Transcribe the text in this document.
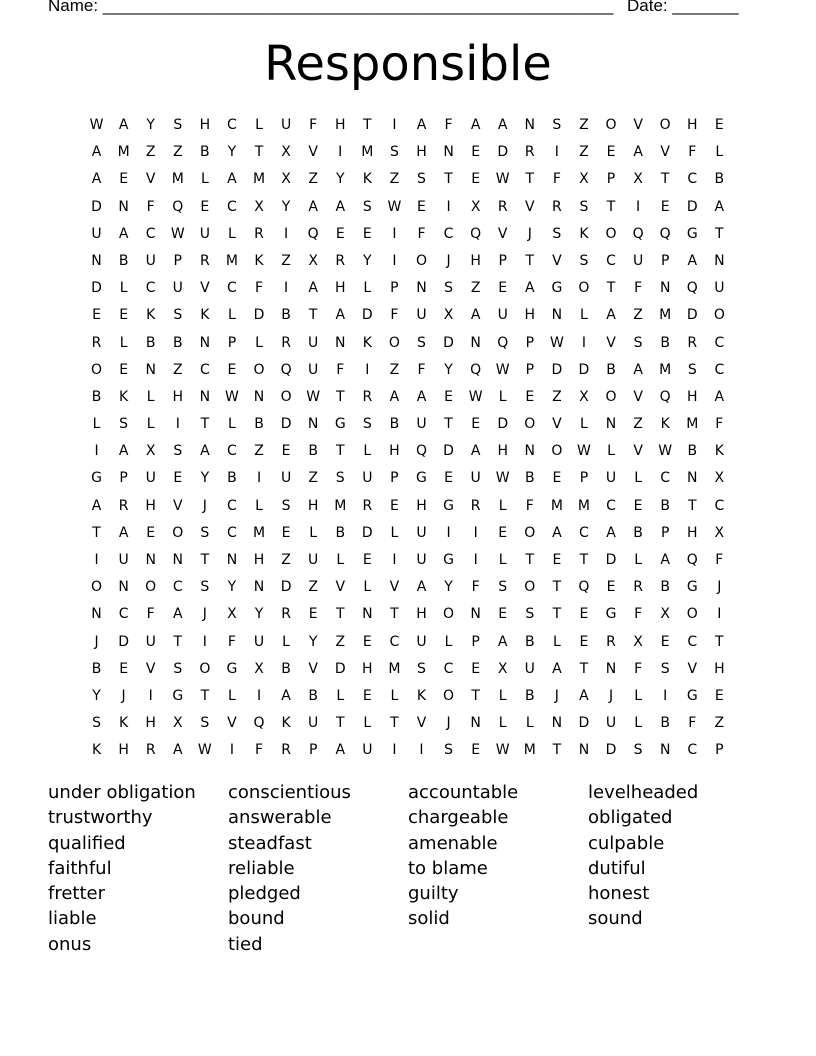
Name: ______________________________________________________ Date: _______
Responsible
W	A	Y	S	H	C	L	U	F	H	T	I	A	F	A	A	N	S	Z	O	V	O	H	E
A	M	Z	Z	B	Y	T	X	V	I	M	S	H	N	E	D	R	I	Z	E	A	V	F	L
A	E	V	M	L	A	M	X	Z	Y	K	Z	S	T	E	W	T	F	X	P	X	T	C	B
D	N	F	Q	E	C	X	Y	A	A	S	W	E	I	X	R	V	R	S	T	I	E	D	A
U	A	C	W	U	L	R	I	Q	E	E	I	F	C	Q	V	J	S	K	O	Q	Q	G	T
N	B	U	P	R	M	K	Z	X	R	Y	I	O	J	H	P	T	V	S	C	U	P	A	N
D	L	C	U	V	C	F	I	A	H	L	P	N	S	Z	E	A	G	O	T	F	N	Q	U
E	E	K	S	K	L	D	B	T	A	D	F	U	X	A	U	H	N	L	A	Z	M	D	O
R	L	B	B	N	P	L	R	U	N	K	O	S	D	N	Q	P	W	I	V	S	B	R	C
O	E	N	Z	C	E	O	Q	U	F	I	Z	F	Y	Q	W	P	D	D	B	A	M	S	C
B	K	L	H	N	W	N	O	W	T	R	A	A	E	W	L	E	Z	X	O	V	Q	H	A
L	S	L	I	T	L	B	D	N	G	S	B	U	T	E	D	O	V	L	N	Z	K	M	F
I	A	X	S	A	C	Z	E	B	T	L	H	Q	D	A	H	N	O	W	L	V	W	B	K
G	P	U	E	Y	B	I	U	Z	S	U	P	G	E	U	W	B	E	P	U	L	C	N	X
A	R	H	V	J	C	L	S	H	M	R	E	H	G	R	L	F	M	M	C	E	B	T	C
T	A	E	O	S	C	M	E	L	B	D	L	U	I	I	E	O	A	C	A	B	P	H	X
I	U	N	N	T	N	H	Z	U	L	E	I	U	G	I	L	T	E	T	D	L	A	Q	F
O	N	O	C	S	Y	N	D	Z	V	L	V	A	Y	F	S	O	T	Q	E	R	B	G	J
N	C	F	A	J	X	Y	R	E	T	N	T	H	O	N	E	S	T	E	G	F	X	O	I
J	D	U	T	I	F	U	L	Y	Z	E	C	U	L	P	A	B	L	E	R	X	E	C	T
B	E	V	S	O	G	X	B	V	D	H	M	S	C	E	X	U	A	T	N	F	S	V	H
Y	J	I	G	T	L	I	A	B	L	E	L	K	O	T	L	B	J	A	J	L	I	G	E
S	K	H	X	S	V	Q	K	U	T	L	T	V	J	N	L	L	N	D	U	L	B	F	Z
K	H	R	A	W	I	F	R	P	A	U	I	I	S	E	W	M	T	N	D	S	N	C	P
under obligation
trustworthy
qualified
faithful
fretter
liable
onus
conscientious
answerable
steadfast
reliable
pledged
bound
tied
accountable
chargeable
amenable
to blame
guilty
solid
levelheaded
obligated
culpable
dutiful
honest
sound
